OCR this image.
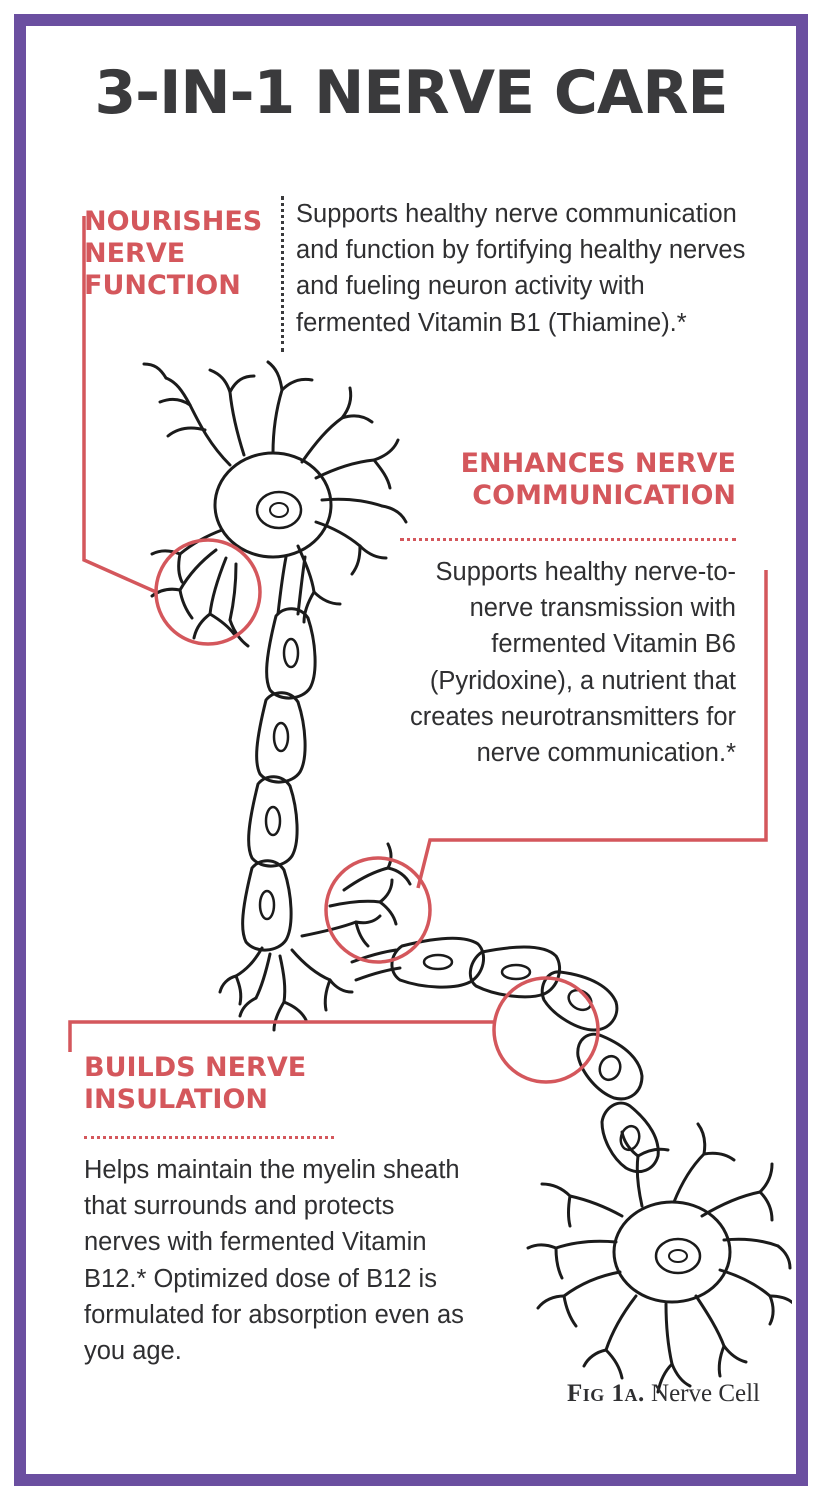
3-IN-1 NERVE CARE
NOURISHES NERVE FUNCTION
Supports healthy nerve communication and function by fortifying healthy nerves and fueling neuron activity with fermented Vitamin B1 (Thiamine).*
ENHANCES NERVE COMMUNICATION
Supports healthy nerve-to-nerve transmission with fermented Vitamin B6 (Pyridoxine), a nutrient that creates neurotransmitters for nerve communication.*
BUILDS NERVE INSULATION
Helps maintain the myelin sheath that surrounds and protects nerves with fermented Vitamin B12.* Optimized dose of B12 is formulated for absorption even as you age.
Fig 1a. Nerve Cell
